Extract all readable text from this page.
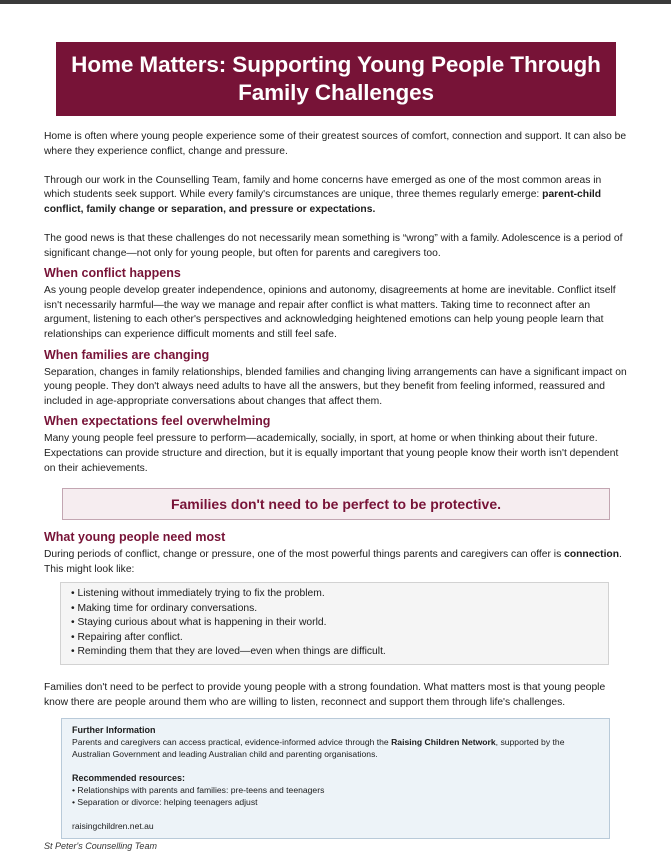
Home Matters: Supporting Young People Through
Family Challenges

Home is often where young people experience some of their greatest sources of comfort, connection and support. It can also be where they experience conflict, change and pressure.

Through our work in the Counselling Team, family and home concerns have emerged as one of the most common areas in which students seek support. While every family's circumstances are unique, three themes regularly emerge: parent-child conflict, family change or separation, and pressure or expectations.

The good news is that these challenges do not necessarily mean something is “wrong” with a family. Adolescence is a period of significant change—not only for young people, but often for parents and caregivers too.

When conflict happens

As young people develop greater independence, opinions and autonomy, disagreements at home are inevitable. Conflict itself isn't necessarily harmful—the way we manage and repair after conflict is what matters. Taking time to reconnect after an argument, listening to each other's perspectives and acknowledging heightened emotions can help young people learn that relationships can experience difficult moments and still feel safe.

When families are changing

Separation, changes in family relationships, blended families and changing living arrangements can have a significant impact on young people. They don't always need adults to have all the answers, but they benefit from feeling informed, reassured and included in age-appropriate conversations about changes that affect them.

When expectations feel overwhelming

Many young people feel pressure to perform—academically, socially, in sport, at home or when thinking about their future. Expectations can provide structure and direction, but it is equally important that young people know their worth isn't dependent on their achievements.

Families don't need to be perfect to be protective.
What young people need most

During periods of conflict, change or pressure, one of the most powerful things parents and caregivers can offer is connection. This might look like:

• Listening without immediately trying to fix the problem.
• Making time for ordinary conversations.
• Staying curious about what is happening in their world.
• Repairing after conflict.
• Reminding them that they are loved—even when things are difficult.

Families don't need to be perfect to provide young people with a strong foundation. What matters most is that young people know there are people around them who are willing to listen, reconnect and support them through life's challenges.

Further Information

Parents and caregivers can access practical, evidence-informed advice through the Raising Children Network, supported by the Australian Government and leading Australian child and parenting organisations.

Recommended resources:
• Relationships with parents and families: pre-teens and teenagers
• Separation or divorce: helping teenagers adjust

raisingchildren.net.au

St Peter's Counselling Team
